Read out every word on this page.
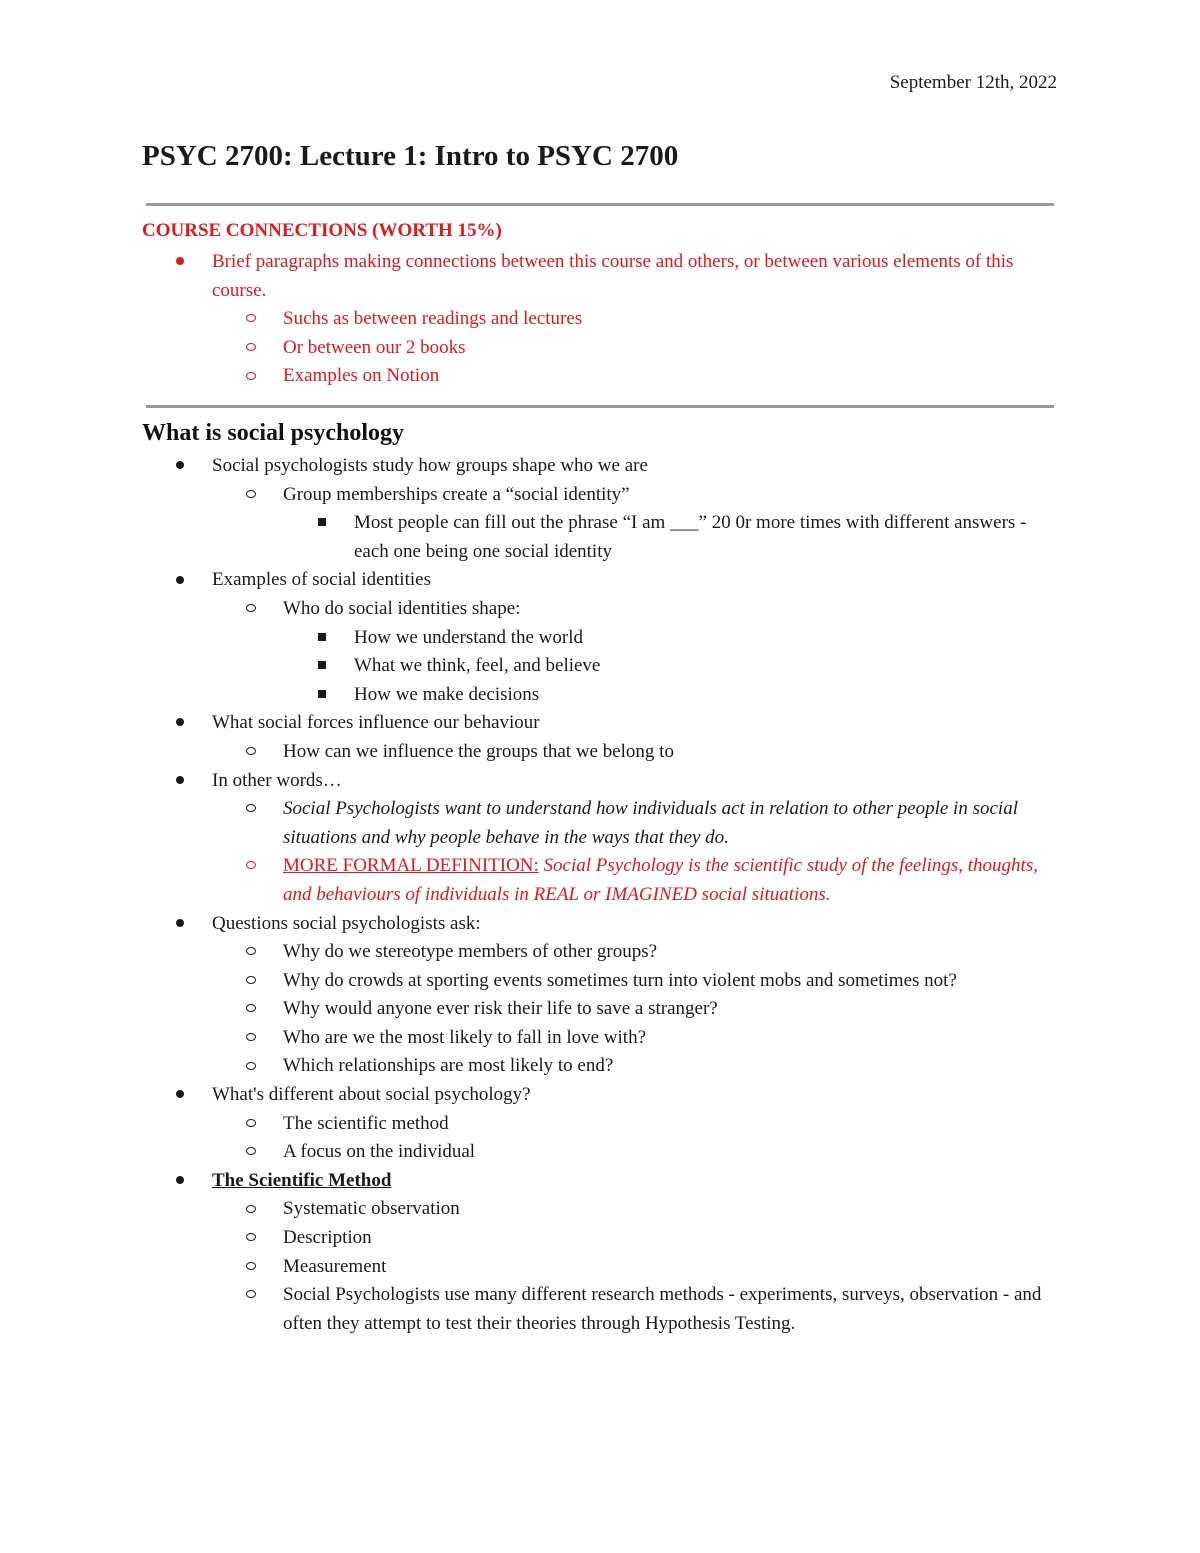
September 12th, 2022
PSYC 2700: Lecture 1: Intro to PSYC 2700
COURSE CONNECTIONS (WORTH 15%)
Brief paragraphs making connections between this course and others, or between various elements of this course.
Suchs as between readings and lectures
Or between our 2 books
Examples on Notion
What is social psychology
Social psychologists study how groups shape who we are
Group memberships create a “social identity”
Most people can fill out the phrase “I am ___” 20 0r more times with different answers - each one being one social identity
Examples of social identities
Who do social identities shape:
How we understand the world
What we think, feel, and believe
How we make decisions
What social forces influence our behaviour
How can we influence the groups that we belong to
In other words…
Social Psychologists want to understand how individuals act in relation to other people in social situations and why people behave in the ways that they do.
MORE FORMAL DEFINITION: Social Psychology is the scientific study of the feelings, thoughts, and behaviours of individuals in REAL or IMAGINED social situations.
Questions social psychologists ask:
Why do we stereotype members of other groups?
Why do crowds at sporting events sometimes turn into violent mobs and sometimes not?
Why would anyone ever risk their life to save a stranger?
Who are we the most likely to fall in love with?
Which relationships are most likely to end?
What's different about social psychology?
The scientific method
A focus on the individual
The Scientific Method
Systematic observation
Description
Measurement
Social Psychologists use many different research methods - experiments, surveys, observation - and often they attempt to test their theories through Hypothesis Testing.
